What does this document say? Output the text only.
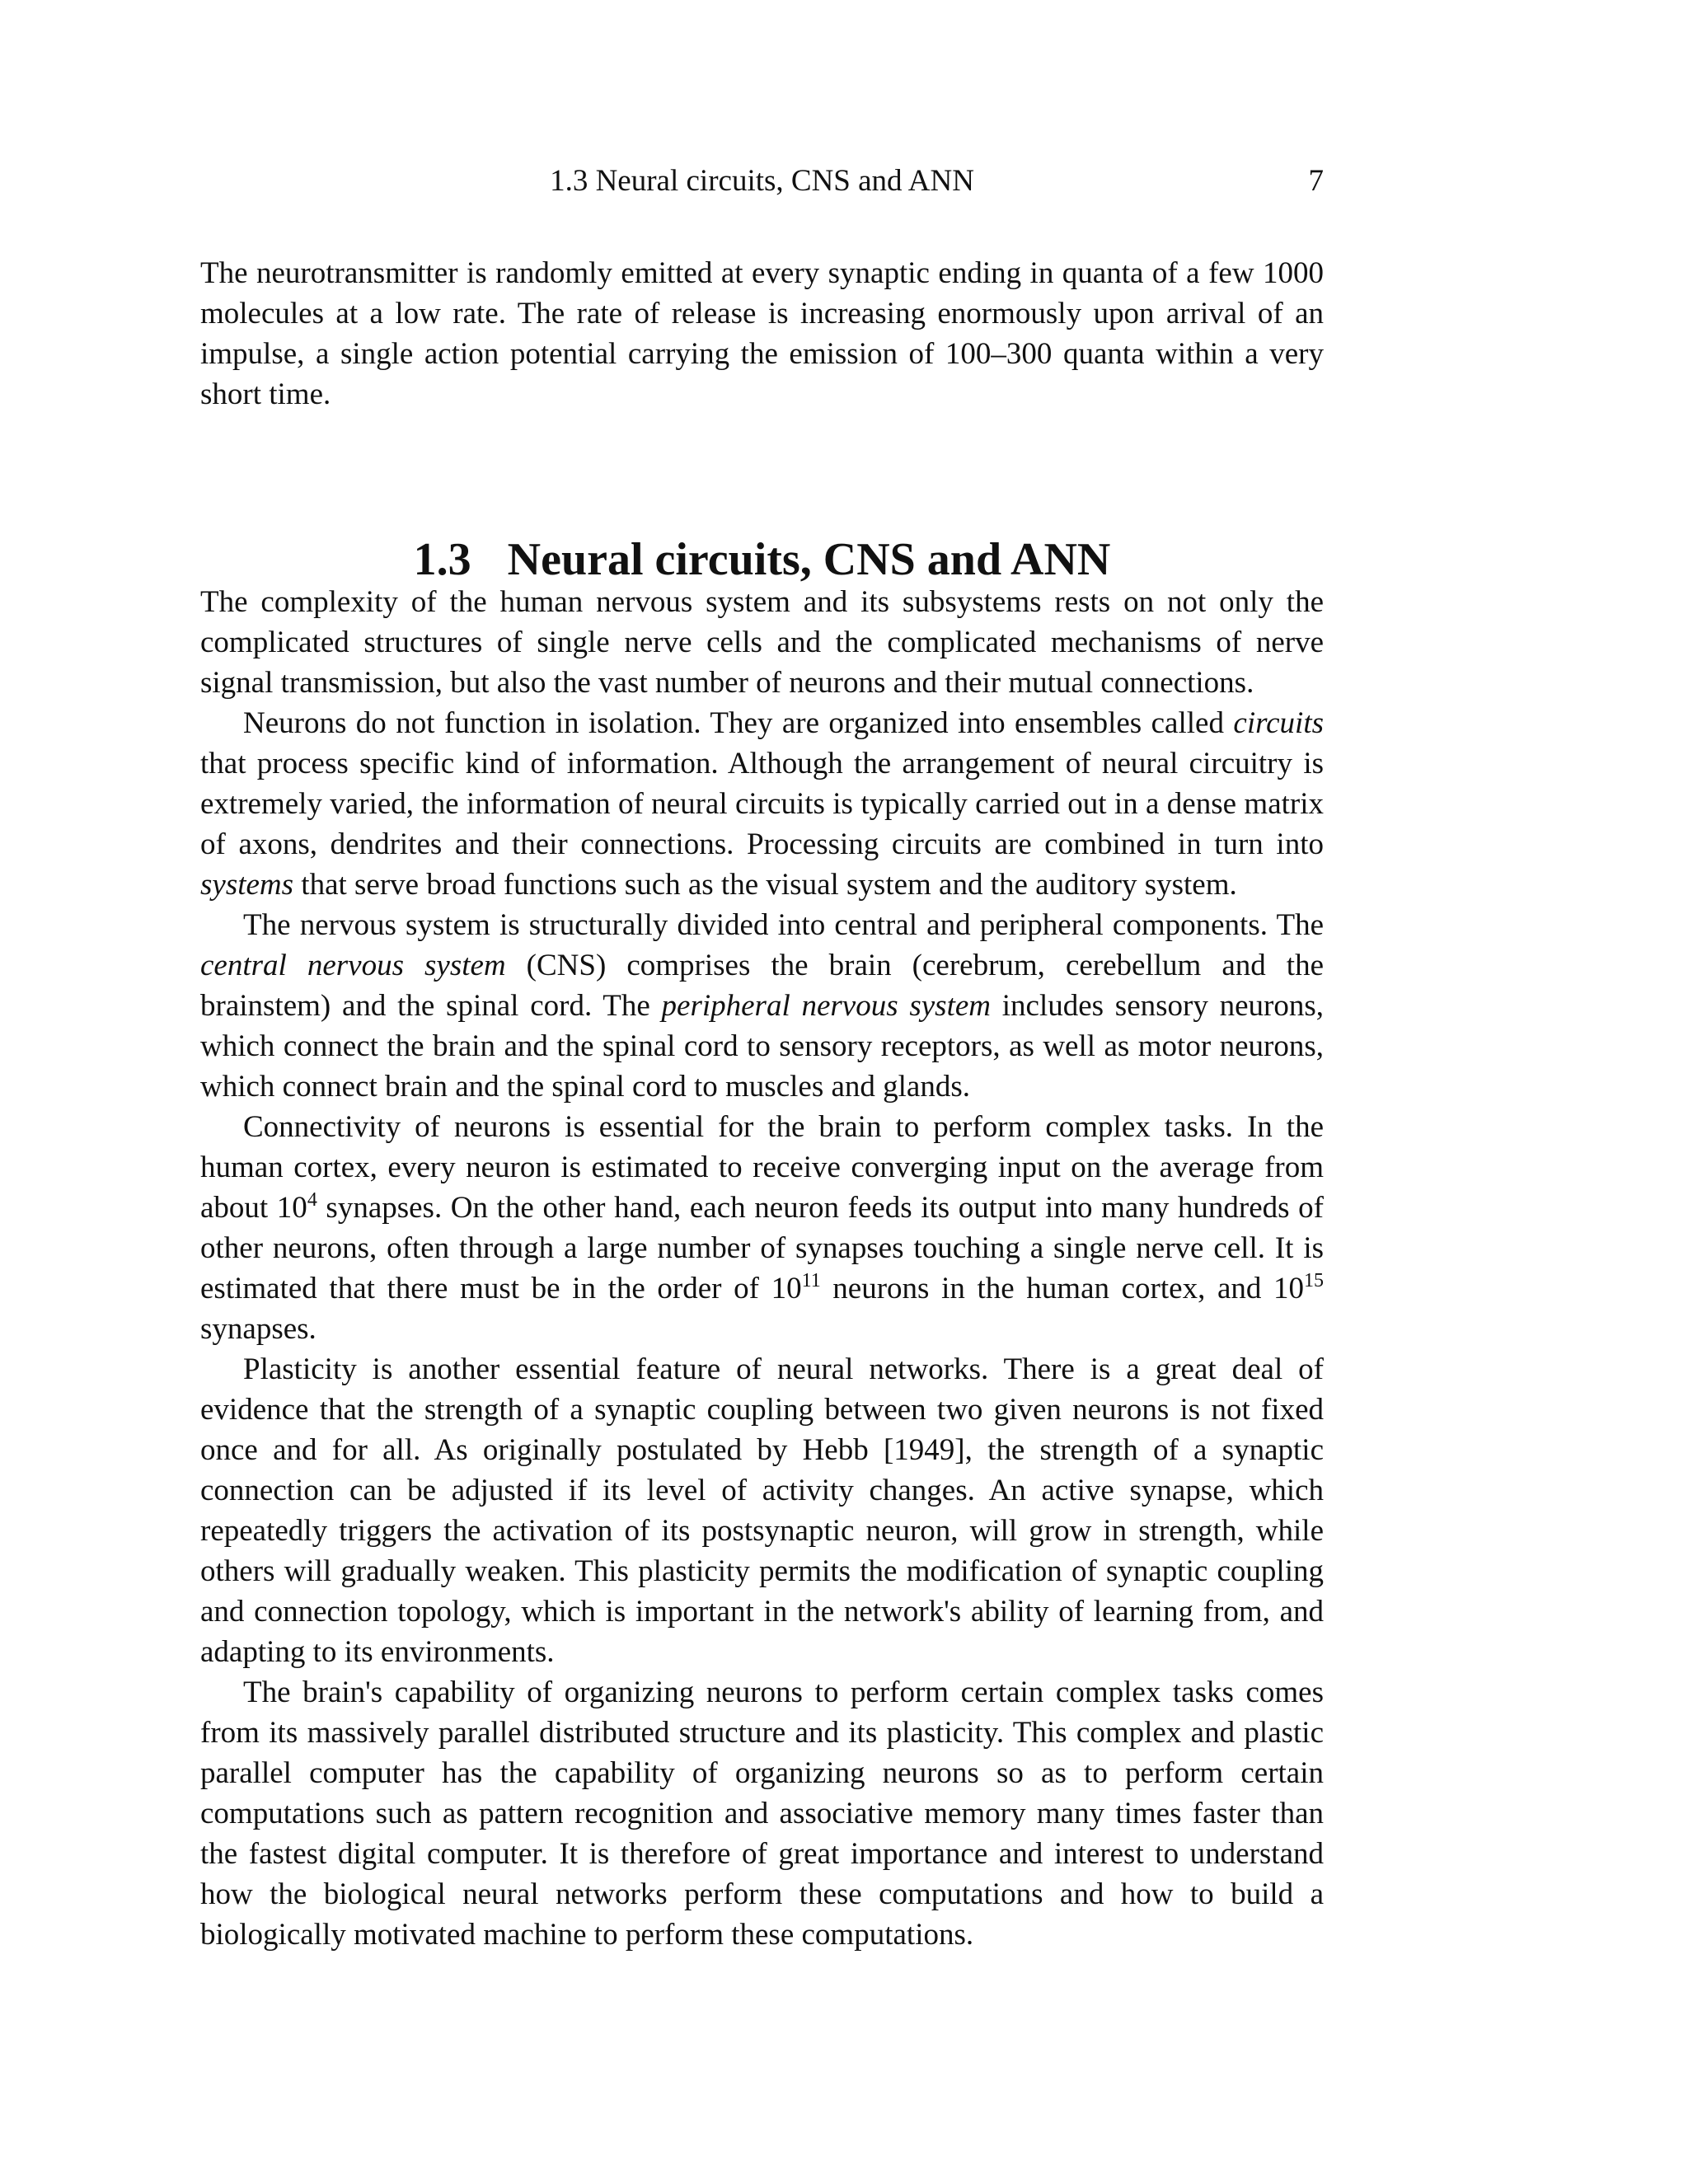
1.3 Neural circuits, CNS and ANN	7

The neurotransmitter is randomly emitted at every synaptic ending in quanta of a few 1000 molecules at a low rate. The rate of release is increasing enormously upon arrival of an impulse, a single action potential carrying the emission of 100–300 quanta within a very short time.

1.3 Neural circuits, CNS and ANN

The complexity of the human nervous system and its subsystems rests on not only the complicated structures of single nerve cells and the complicated mechanisms of nerve signal transmission, but also the vast number of neurons and their mutual connections.

Neurons do not function in isolation. They are organized into ensembles called circuits that process specific kind of information. Although the arrangement of neural circuitry is extremely varied, the information of neural circuits is typically carried out in a dense matrix of axons, dendrites and their connections. Processing circuits are combined in turn into systems that serve broad functions such as the visual system and the auditory system.

The nervous system is structurally divided into central and peripheral components. The central nervous system (CNS) comprises the brain (cerebrum, cerebellum and the brainstem) and the spinal cord. The peripheral nervous system includes sensory neurons, which connect the brain and the spinal cord to sensory receptors, as well as motor neurons, which connect brain and the spinal cord to muscles and glands.

Connectivity of neurons is essential for the brain to perform complex tasks. In the human cortex, every neuron is estimated to receive converging input on the average from about $10^4$ synapses. On the other hand, each neuron feeds its output into many hundreds of other neurons, often through a large number of synapses touching a single nerve cell. It is estimated that there must be in the order of $10^{11}$ neurons in the human cortex, and $10^{15}$ synapses.

Plasticity is another essential feature of neural networks. There is a great deal of evidence that the strength of a synaptic coupling between two given neurons is not fixed once and for all. As originally postulated by Hebb [1949], the strength of a synaptic connection can be adjusted if its level of activity changes. An active synapse, which repeatedly triggers the activation of its postsynaptic neuron, will grow in strength, while others will gradually weaken. This plasticity permits the modification of synaptic coupling and connection topology, which is important in the network's ability of learning from, and adapting to its environments.

The brain's capability of organizing neurons to perform certain complex tasks comes from its massively parallel distributed structure and its plasticity. This complex and plastic parallel computer has the capability of organizing neurons so as to perform certain computations such as pattern recognition and associative memory many times faster than the fastest digital computer. It is therefore of great importance and interest to understand how the biological neural networks perform these computations and how to build a biologically motivated machine to perform these computations.
